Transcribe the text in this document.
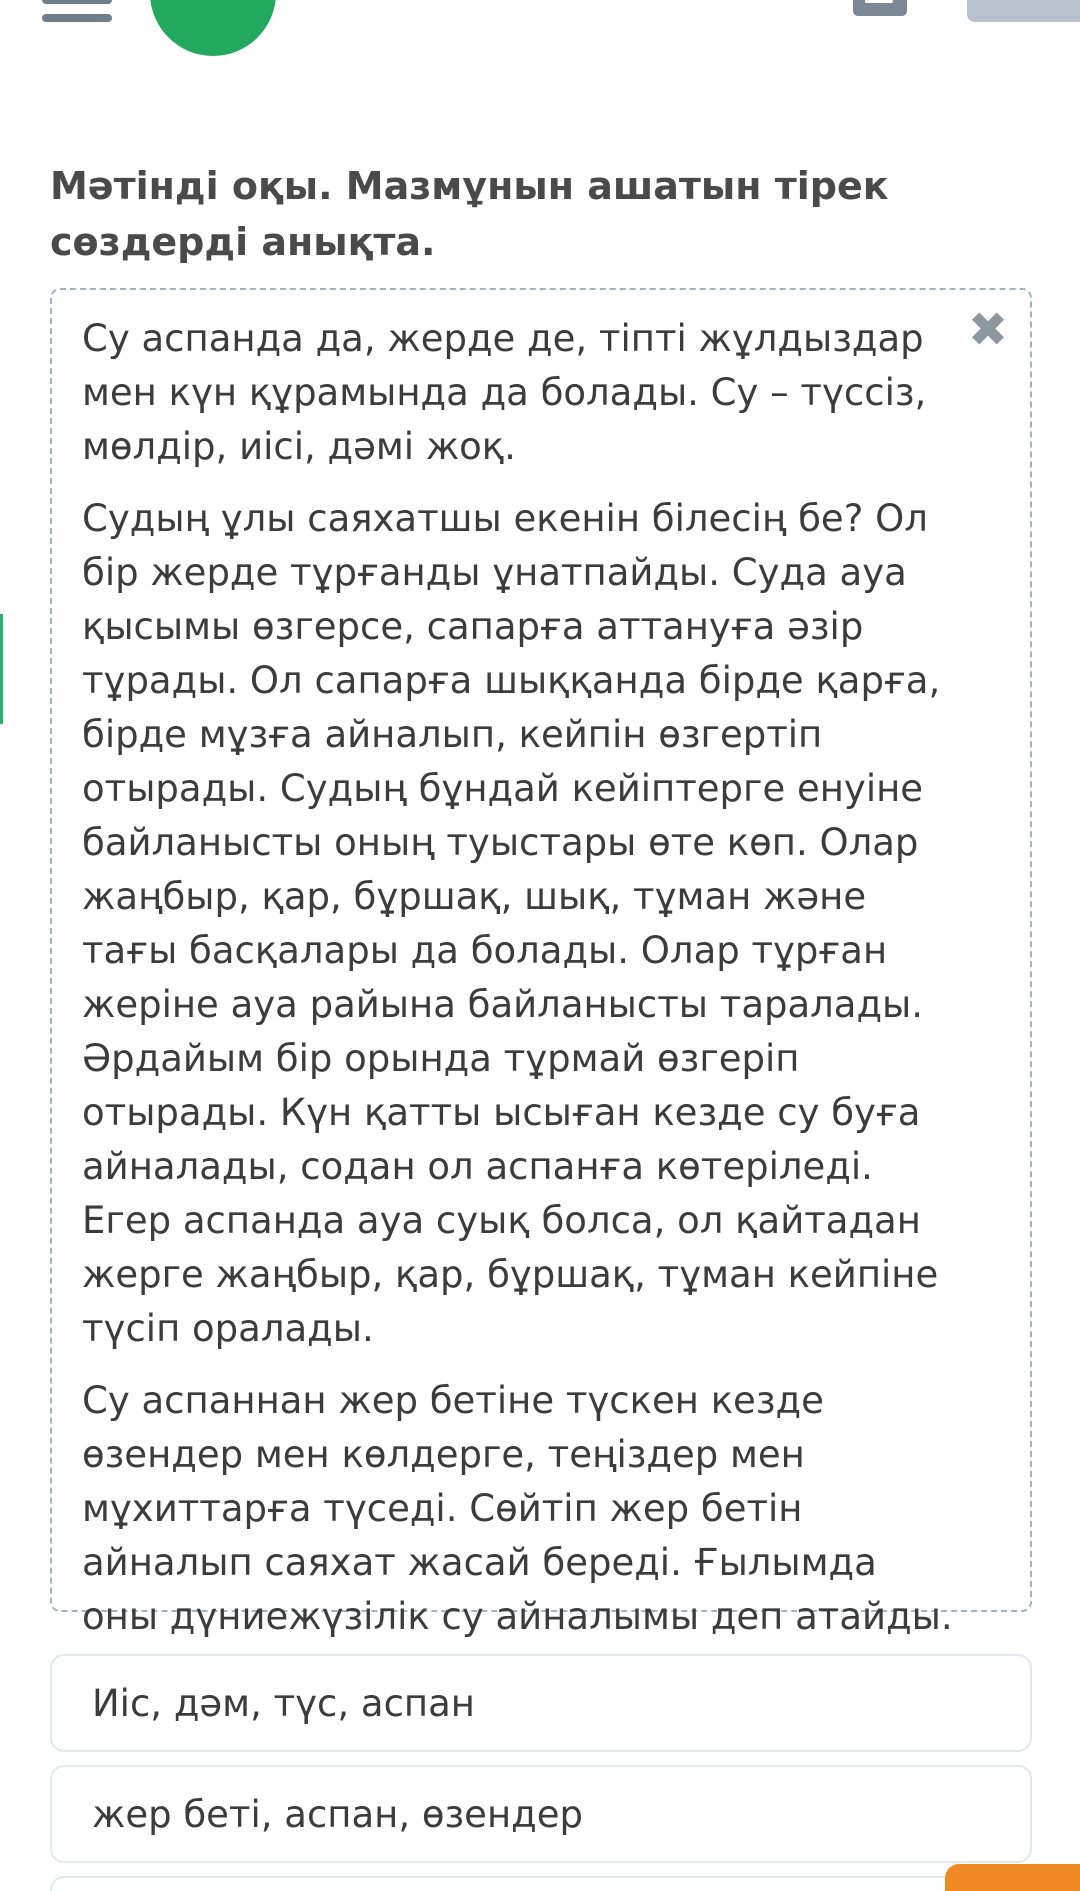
Мәтінді оқы. Мазмұнын ашатын тірек сөздерді анықта.
✖

Су аспанда да, жерде де, тіпті жұлдыздар мен күн құрамында да болады. Су – түссіз, мөлдір, иісі, дәмі жоқ.

Судың ұлы саяхатшы екенін білесің бе? Ол бір жерде тұрғанды ұнатпайды. Суда ауа қысымы өзгерсе, сапарға аттануға әзір тұрады. Ол сапарға шыққанда бірде қарға, бірде мұзға айналып, кейпін өзгертіп отырады. Судың бұндай кейіптерге енуіне байланысты оның туыстары өте көп. Олар жаңбыр, қар, бұршақ, шық, тұман және тағы басқалары да болады. Олар тұрған жеріне ауа райына байланысты таралады. Әрдайым бір орында тұрмай өзгеріп отырады. Күн қатты ысыған кезде су буға айналады, содан ол аспанға көтеріледі. Егер аспанда ауа суық болса, ол қайтадан жерге жаңбыр, қар, бұршақ, тұман кейпіне түсіп оралады.

Су аспаннан жер бетіне түскен кезде өзендер мен көлдерге, теңіздер мен мұхиттарға түседі. Сөйтіп жер бетін айналып саяхат жасай береді. Ғылымда оны дүниежүзілік су айналымы деп атайды.

Иіс, дәм, түс, аспан
жер беті, аспан, өзендер
